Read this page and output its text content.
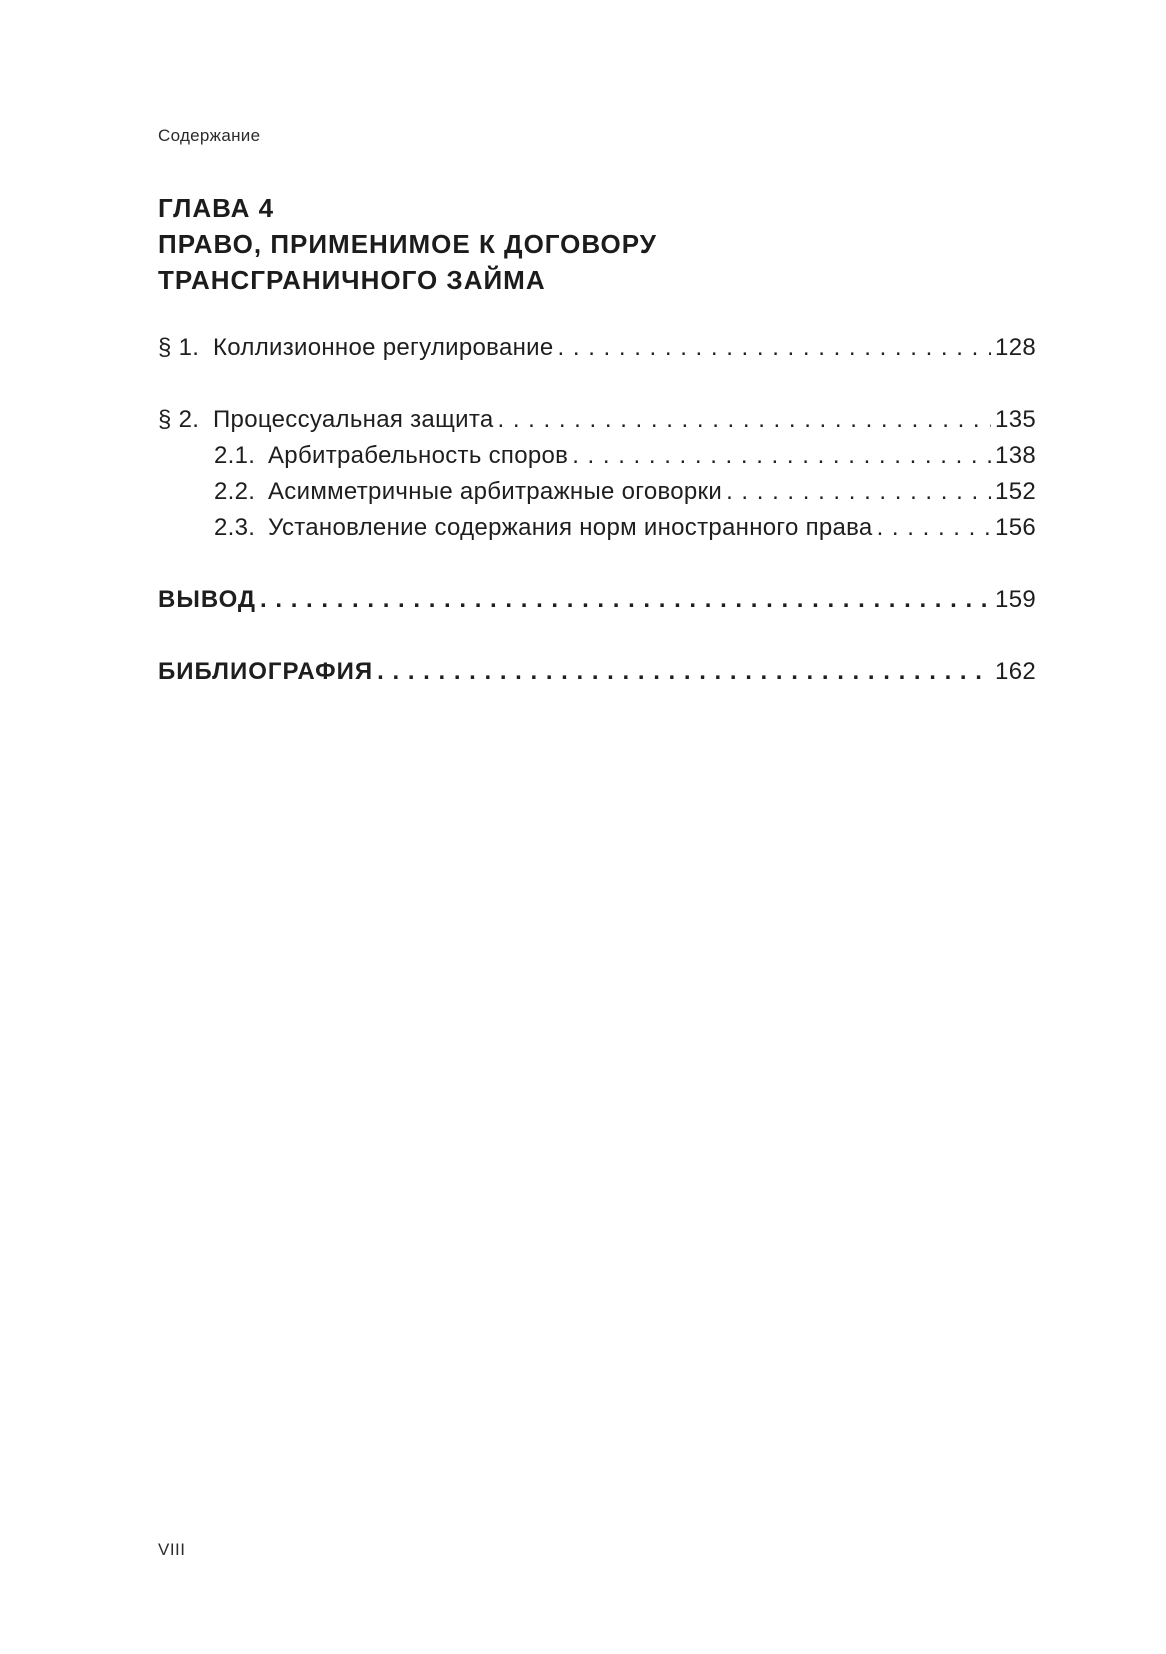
Содержание
ГЛАВА 4
ПРАВО, ПРИМЕНИМОЕ К ДОГОВОРУ
ТРАНСГРАНИЧНОГО ЗАЙМА
§ 1. Коллизионное регулирование . . .	128
§ 2. Процессуальная защита . . .	135
2.1. Арбитрабельность споров . . .	138
2.2. Асимметричные арбитражные оговорки . . .	152
2.3. Установление содержания норм иностранного права . . .	156
ВЫВОД . . .	159
БИБЛИОГРАФИЯ . . .	162
VIII
